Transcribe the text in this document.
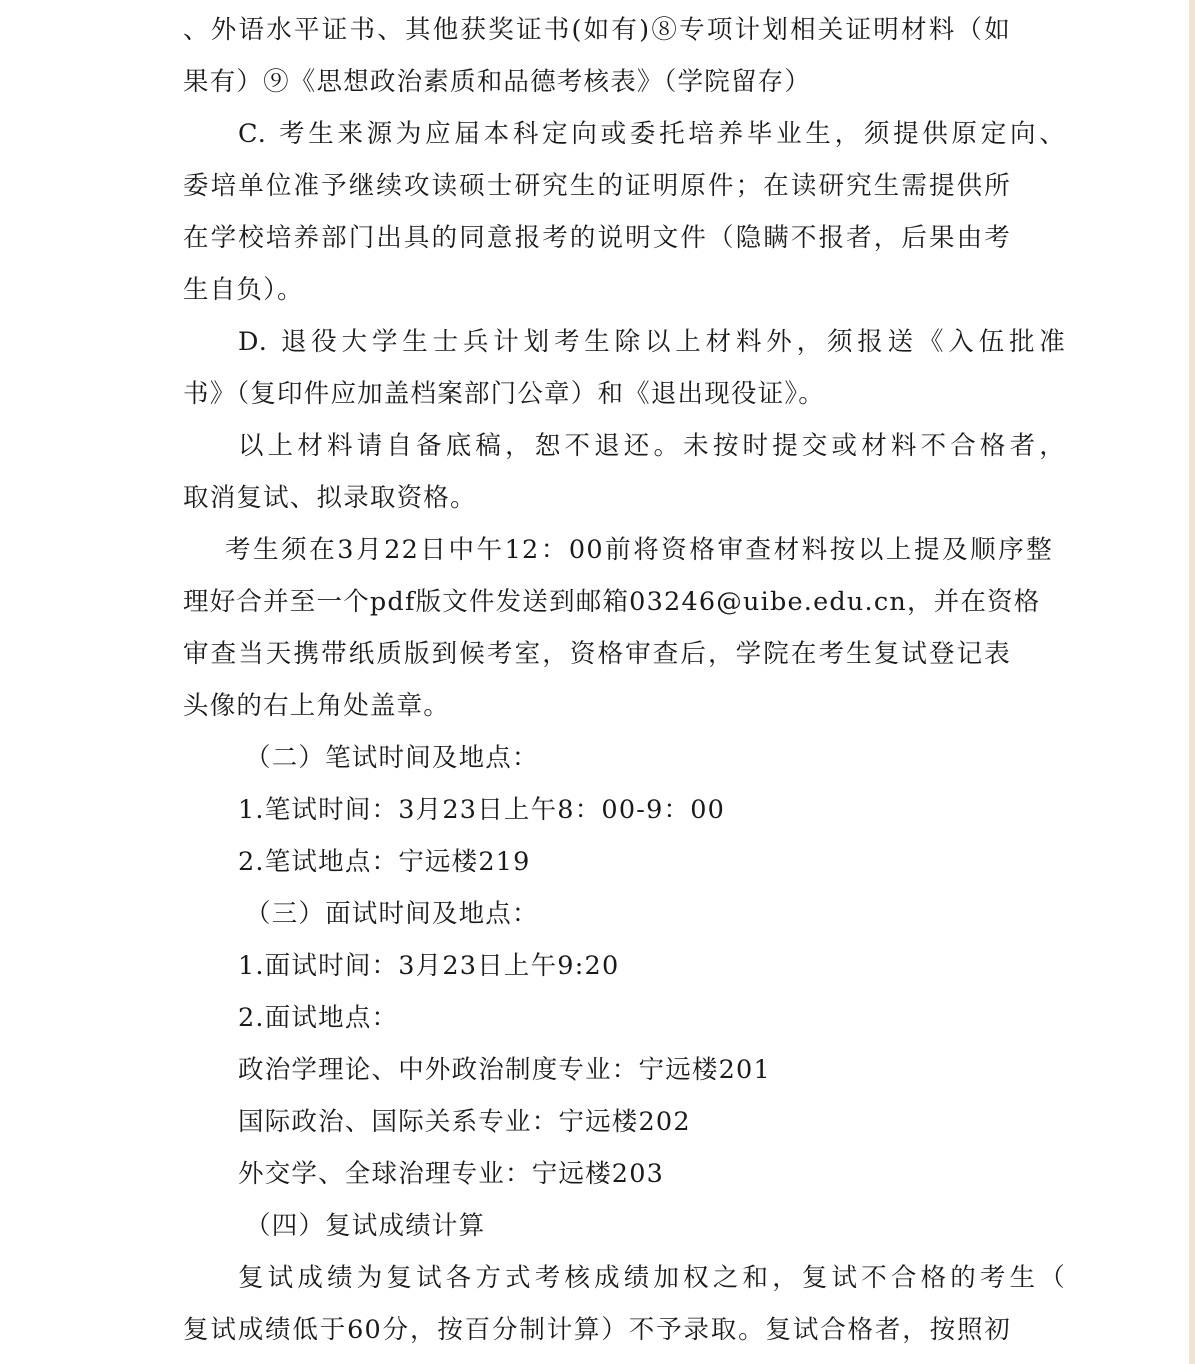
、外语水平证书、其他获奖证书(如有)⑧专项计划相关证明材料（如
果有）⑨《思想政治素质和品德考核表》（学院留存）
C. 考生来源为应届本科定向或委托培养毕业生，须提供原定向、
委培单位准予继续攻读硕士研究生的证明原件；在读研究生需提供所
在学校培养部门出具的同意报考的说明文件（隐瞒不报者，后果由考
生自负）。
D. 退役大学生士兵计划考生除以上材料外，须报送《入伍批准
书》（复印件应加盖档案部门公章）和《退出现役证》。
以上材料请自备底稿，恕不退还。未按时提交或材料不合格者，
取消复试、拟录取资格。
考生须在3月22日中午12：00前将资格审查材料按以上提及顺序整
理好合并至一个pdf版文件发送到邮箱03246@uibe.edu.cn，并在资格
审查当天携带纸质版到候考室，资格审查后，学院在考生复试登记表
头像的右上角处盖章。
（二）笔试时间及地点：
1.笔试时间：3月23日上午8：00-9：00
2.笔试地点：宁远楼219
（三）面试时间及地点：
1.面试时间：3月23日上午9:20
2.面试地点：
政治学理论、中外政治制度专业：宁远楼201
国际政治、国际关系专业：宁远楼202
外交学、全球治理专业：宁远楼203
（四）复试成绩计算
复试成绩为复试各方式考核成绩加权之和，复试不合格的考生（
复试成绩低于60分，按百分制计算）不予录取。复试合格者，按照初
